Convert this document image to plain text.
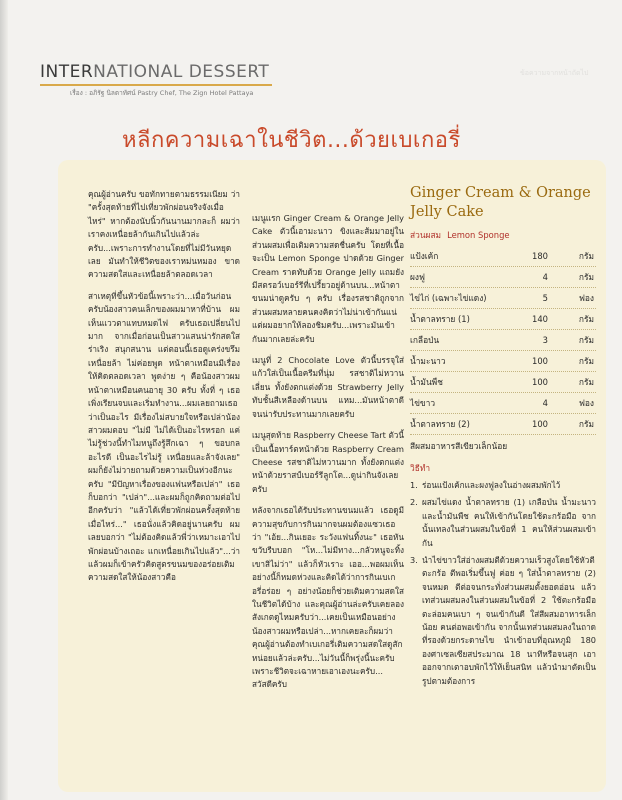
INTERNATIONAL DESSERT
เรื่อง : อภิรัฐ นิลตาทัศน์ Pastry Chef, The Zign Hotel Pattaya
ข้อความจากหน้าถัดไป
หลีกความเฉาในชีวิต...ด้วยเบเกอรี่

คุณผู้อ่านครับ ขอทักทายตามธรรมเนียม ว่า "ครั้งสุดท้ายที่ไปเที่ยวพักผ่อนจริงจังเมื่อไหร่" หากต้องนับนิ้วกันนานมากละก็ ผมว่าเราคงเหนื่อยล้ากันเกินไปแล้วล่ะครับ...เพราะการทำงานโดยที่ไม่มีวันหยุดเลย มันทำให้ชีวิตของเราหม่นหมอง ขาดความสดใสและเหนื่อยล้าตลอดเวลา

สาเหตุที่ขึ้นหัวข้อนี้เพราะว่า...เมื่อวันก่อนครับน้องสาวคนเล็กของผมมาหาที่บ้าน ผมเห็นแววตาแทบหมดไฟ ครับเธอเปลี่ยนไปมาก จากเมื่อก่อนเป็นสาวแสนน่ารักสดใส ร่าเริง สนุกสนาน แต่ตอนนี้เธอดูเคร่งขรึม เหนื่อยล้า ไม่ค่อยพูด หน้าตาเหมือนมีเรื่องให้คิดตลอดเวลา พูดง่าย ๆ คือน้องสาวผมหน้าตาเหมือนคนอายุ 30 ครับ ทั้งที่ ๆ เธอเพิ่งเรียนจบและเริ่มทำงาน...ผมเลยถามเธอว่าเป็นอะไร มีเรื่องไม่สบายใจหรือเปล่าน้องสาวผมตอบ "ไม่มี ไม่ได้เป็นอะไรหรอก แค่ไม่รู้ช่วงนี้ทำไมหนูถึงรู้สึกเฉา ๆ ขอบกลอะไรดี เป็นอะไรไม่รู้ เหนื่อยและล้าจังเลย" ผมก็ยังไม่วายถามด้วยความเป็นห่วงอีกนะครับ "มีปัญหาเรื่องของแฟนหรือเปล่า" เธอก็บอกว่า "เปล่า"...และผมก็ถูกคิดถามต่อไปอีกครับว่า "แล้วได้เที่ยวพักผ่อนครั้งสุดท้ายเมื่อไหร่..." เธอนั่งแล้วคิดอยู่นานครับ ผมเลยบอกว่า "ไม่ต้องคิดแล้วพี่ว่าเหมาะเอาไปพักผ่อนบ้างเถอะ แกเหนื่อยเกินไปแล้ว"...ว่าแล้วผมก็เข้าครัวคิดสูตรขนมของอร่อยเติมความสดใสให้น้องสาวคือ

เมนูแรก Ginger Cream & Orange Jelly Cake ตัวนี้เอามะนาว ขิงและส้มมาอยู่ในส่วนผสมเพื่อเติมความสดชื่นครับ โดยที่เนื้อจะเป็น Lemon Sponge ปาดด้วย Ginger Cream ราดทับด้วย Orange Jelly แถมยังมีสตรอว์เบอร์รีที่เปรี้ยวอยู่ด้านบน...หน้าตาขนมน่าดูครับ ๆ ครับ เรื่องรสชาติถูกจากส่วนผสมหลายคนคงคิดว่าไม่น่าเข้ากันแน่ แต่ผมอยากให้ลองชิมครับ...เพราะมันเข้ากันมากเลยล่ะครับ

เมนูที่ 2 Chocolate Love ตัวนี้บรรจุใส่แก้วใส่เป็นเนื้อครีมที่นุ่ม รสชาติไม่หวานเลี่ยน ทั้งยังตกแต่งด้วย Strawberry Jelly ทับชั้นสีเหลืองด้านบน แหม...มันหน้าตาดีจนน่ารับประทานมากเลยครับ

เมนูสุดท้าย Raspberry Cheese Tart ตัวนี้เป็นเนื้อทาร์ตหน้าด้วย Raspberry Cream Cheese รสชาติไม่หวานมาก ทั้งยังตกแต่งหน้าด้วยราสป์เบอร์รีลูกโต...ดูน่ากินจังเลยครับ

หลังจากเธอได้รับประทานขนมแล้ว เธอดูมีความสุขกับการกินมากจนผมต้องแซวเธอว่า "เอ้ย...กินเยอะ ระวังแฟนทิ้งนะ" เธอหันขวับรีบบอก "โห...ไม่มีทาง...กลัวหนูจะทิ้งเขาสิไม่ว่า" แล้วก็หัวเราะ เออ...พอผมเห็นอย่างนี้ก็หมดห่วงและคิดได้ว่าการกินเบเกอรี่อร่อย ๆ อย่างน้อยก็ช่วยเติมความสดใสในชีวิตได้บ้าง และคุณผู้อ่านล่ะครับเคยลองสังเกตดูไหมครับว่า...เคยเป็นเหมือนอย่างน้องสาวผมหรือเปล่า...หากเคยละก็ผมว่าคุณผู้อ่านต้องทำเบเกอรี่เติมความสดใสดูสักหน่อยแล้วล่ะครับ...ไม่วันนี้ก็พรุ่งนี้นะครับ เพราะชีวิตจะเฉาหายเอาเองนะครับ... สวัสดีครับ

Ginger Cream & Orange Jelly Cake
ส่วนผสม Lemon Sponge
แป้งเค้ก	180	กรัม
ผงฟู	4	กรัม
ไข่ไก่ (เฉพาะไข่แดง)	5	ฟอง
น้ำตาลทราย (1)	140	กรัม
เกลือป่น	3	กรัม
น้ำมะนาว	100	กรัม
น้ำมันพืช	100	กรัม
ไข่ขาว	4	ฟอง
น้ำตาลทราย (2)	100	กรัม
สีผสมอาหารสีเขียวเล็กน้อย
วิธีทำ
1. ร่อนแป้งเค้กและผงฟูลงในอ่างผสมพักไว้
2. ผสมไข่แดง น้ำตาลทราย (1) เกลือป่น น้ำมะนาวและน้ำมันพืช คนให้เข้ากันโดยใช้ตะกร้อมือ จากนั้นเทลงในส่วนผสมในข้อที่ 1 คนให้ส่วนผสมเข้ากัน
3. นำไข่ขาวใส่อ่างผสมตีด้วยความเร็วสูงโดยใช้หัวตีตะกร้อ ตีพอเริ่มขึ้นฟู ค่อย ๆ ใส่น้ำตาลทราย (2) จนหมด ตีต่อจนกระทั่งส่วนผสมตั้งยอดอ่อน แล้วเทส่วนผสมลงในส่วนผสมในข้อที่ 2 ใช้ตะกร้อมือตะล่อมคนเบา ๆ จนเข้ากันดี ใส่สีผสมอาหารเล็กน้อย คนต่อพอเข้ากัน จากนั้นเทส่วนผสมลงในถาดที่รองด้วยกระดาษไข นำเข้าอบที่อุณหภูมิ 180 องศาเซลเซียสประมาณ 18 นาทีหรือจนสุก เอาออกจากเตาอบพักไว้ให้เย็นสนิท แล้วนำมาตัดเป็นรูปตามต้องการ
